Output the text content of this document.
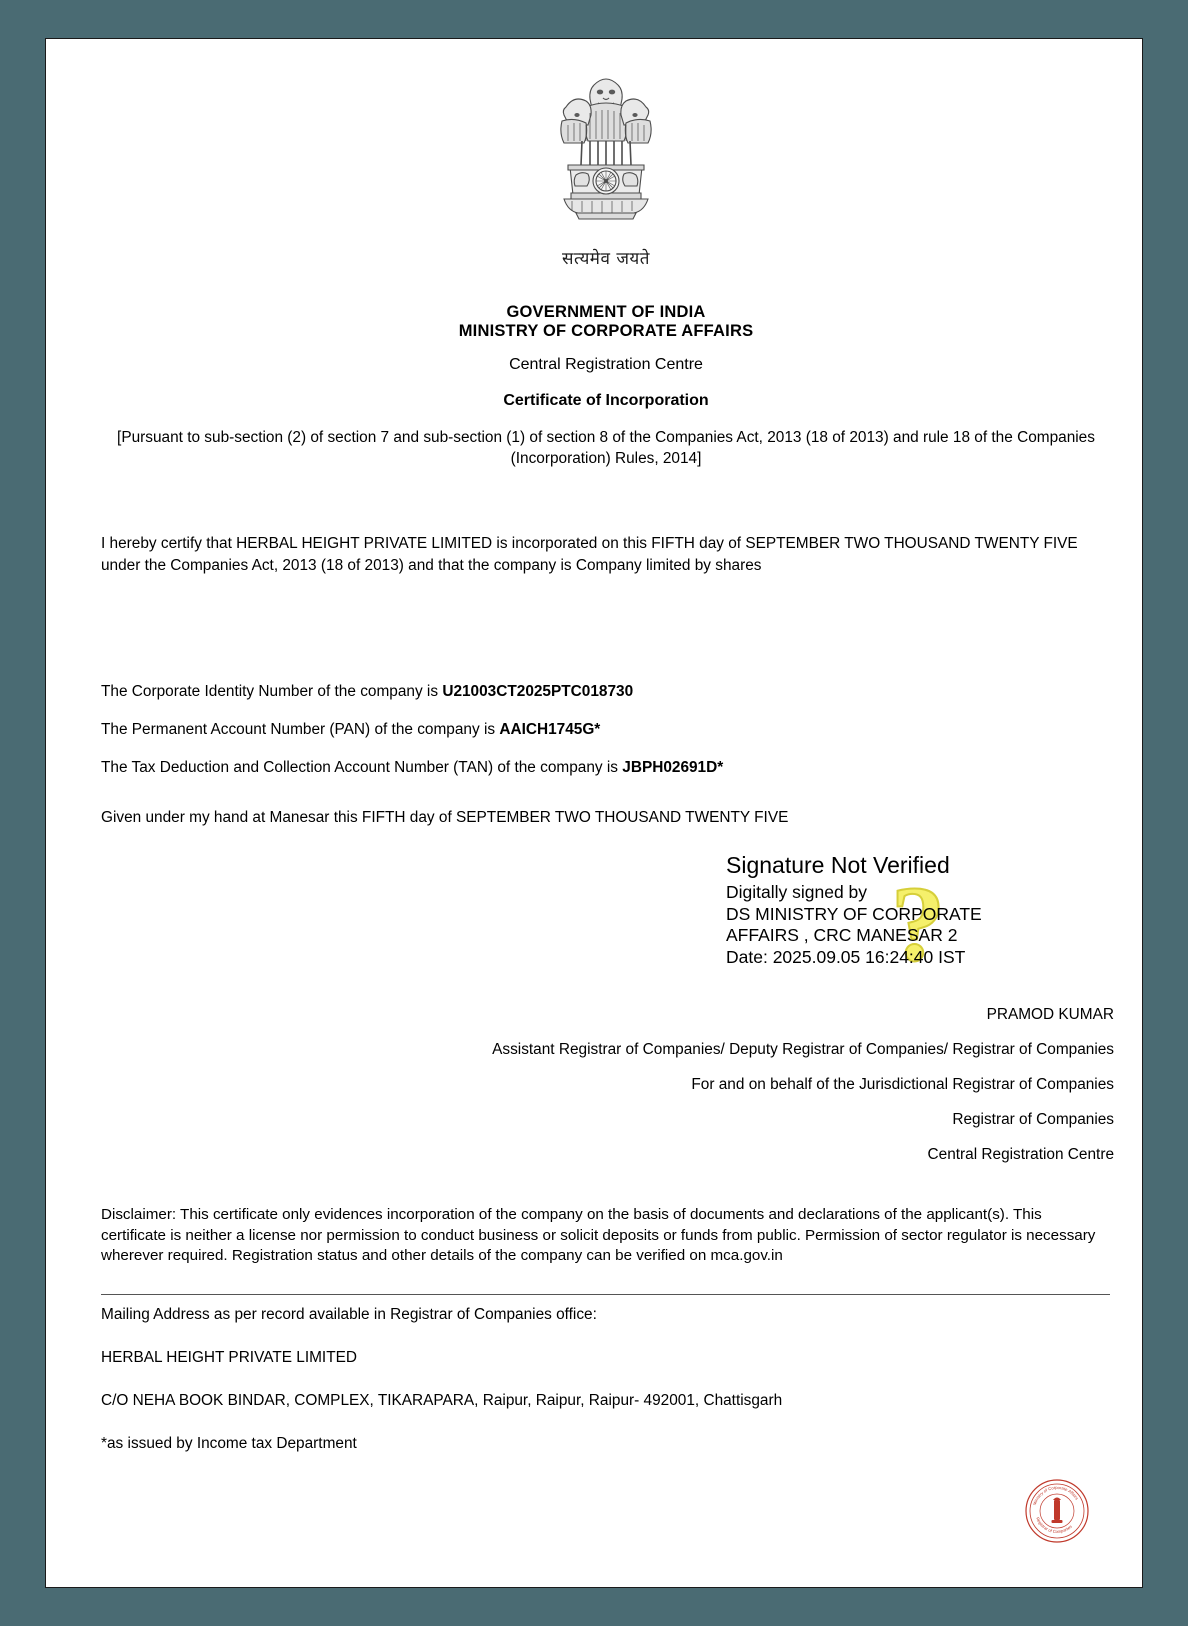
सत्यमेव जयते
GOVERNMENT OF INDIA
MINISTRY OF CORPORATE AFFAIRS
Central Registration Centre
Certificate of Incorporation
[Pursuant to sub-section (2) of section 7 and sub-section (1) of section 8 of the Companies Act, 2013 (18 of 2013) and rule 18 of the Companies (Incorporation) Rules, 2014]
I hereby certify that HERBAL HEIGHT PRIVATE LIMITED is incorporated on this FIFTH day of SEPTEMBER TWO THOUSAND TWENTY FIVE under the Companies Act, 2013 (18 of 2013) and that the company is Company limited by shares
The Corporate Identity Number of the company is U21003CT2025PTC018730
The Permanent Account Number (PAN) of the company is AAICH1745G*
The Tax Deduction and Collection Account Number (TAN) of the company is JBPH02691D*
Given under my hand at Manesar this FIFTH day of SEPTEMBER TWO THOUSAND TWENTY FIVE
?
Signature Not Verified
Digitally signed by
DS MINISTRY OF CORPORATE
AFFAIRS , CRC MANESAR 2
Date: 2025.09.05 16:24:40 IST
PRAMOD KUMAR
Assistant Registrar of Companies/ Deputy Registrar of Companies/ Registrar of Companies
For and on behalf of the Jurisdictional Registrar of Companies
Registrar of Companies
Central Registration Centre
Disclaimer: This certificate only evidences incorporation of the company on the basis of documents and declarations of the applicant(s). This certificate is neither a license nor permission to conduct business or solicit deposits or funds from public. Permission of sector regulator is necessary wherever required. Registration status and other details of the company can be verified on mca.gov.in
Mailing Address as per record available in Registrar of Companies office:
HERBAL HEIGHT PRIVATE LIMITED
C/O NEHA BOOK BINDAR, COMPLEX, TIKARAPARA, Raipur, Raipur, Raipur- 492001, Chattisgarh
*as issued by Income tax Department
Ministry of Corporate Affairs
Registrar of Companies
